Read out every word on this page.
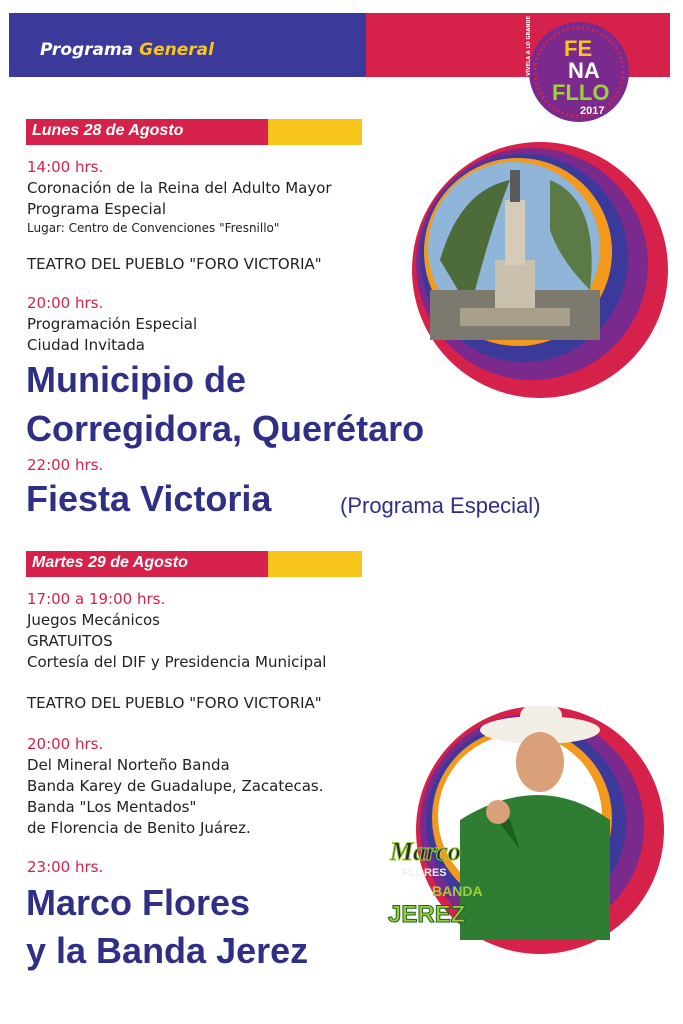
Programa General	FE
NA
FLLO
VÍVELA A LO GRANDE
2017
Lunes 28 de Agosto
14:00 hrs.
Coronación de la Reina del Adulto Mayor
Programa Especial
Lugar: Centro de Convenciones "Fresnillo"
TEATRO DEL PUEBLO "FORO VICTORIA"
20:00 hrs.
Programación Especial
Ciudad Invitada
Municipio de
Corregidora, Querétaro
22:00 hrs.
Fiesta Victoria	(Programa Especial)
Martes 29 de Agosto
17:00 a 19:00 hrs.
Juegos Mecánicos
GRATUITOS
Cortesía del DIF y Presidencia Municipal
TEATRO DEL PUEBLO "FORO VICTORIA"
20:00 hrs.
Del Mineral Norteño Banda
Banda Karey de Guadalupe, Zacatecas.
Banda "Los Mentados"
de Florencia de Benito Juárez.
23:00 hrs.
Marco Flores
y la Banda Jerez
Marco
FLORES
BANDA
JEREZ
